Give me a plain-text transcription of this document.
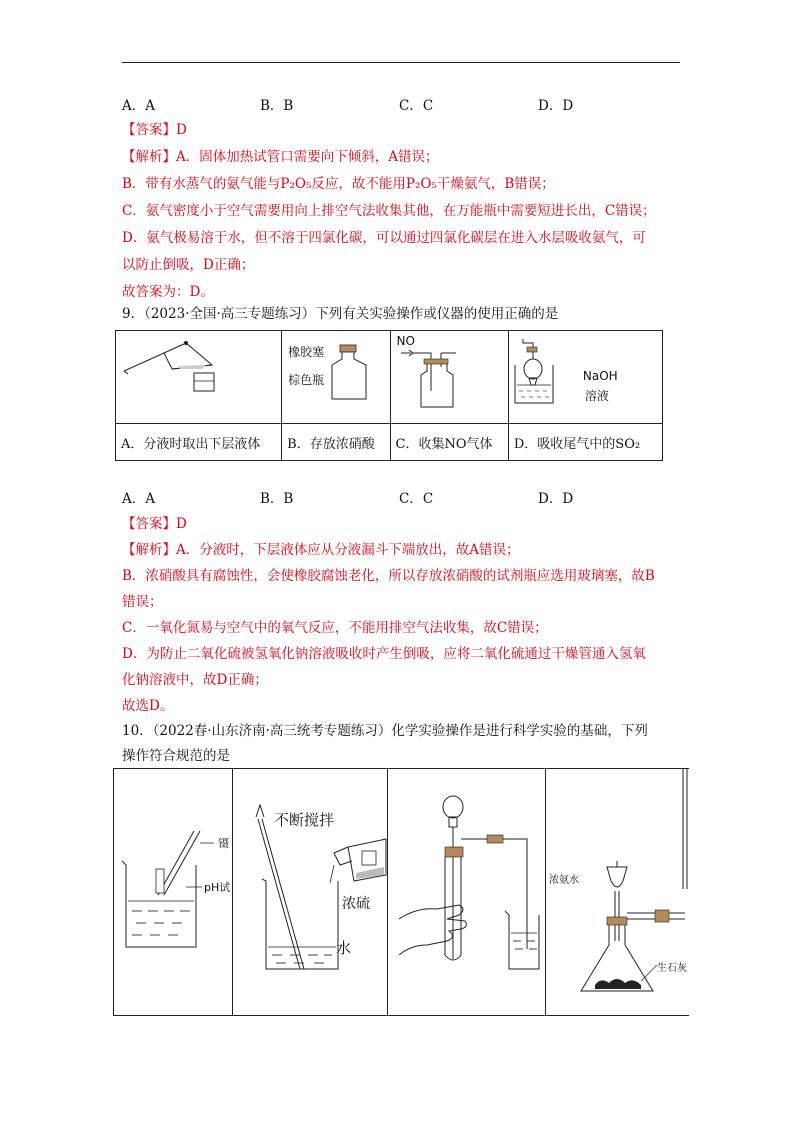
A．A	B．B	C．C	D．D
【答案】D
【解析】A．固体加热试管口需要向下倾斜，A错误；
B．带有水蒸气的氨气能与P₂O₅反应，故不能用P₂O₅干燥氨气，B错误；
C．氨气密度小于空气需要用向上排空气法收集其他，在万能瓶中需要短进长出，C错误；
D．氨气极易溶于水，但不溶于四氯化碳，可以通过四氯化碳层在进入水层吸收氨气，可
以防止倒吸，D正确；
故答案为：D。
9．（2023·全国·高三专题练习）下列有关实验操作或仪器的使用正确的是

橡胶塞
棕色瓶	NO	NaOH
溶液

A．分液时取出下层液体	B．存放浓硝酸	C．收集NO气体	D．吸收尾气中的SO₂
A．A	B．B	C．C	D．D
【答案】D
【解析】A．分液时，下层液体应从分液漏斗下端放出，故A错误；
B．浓硝酸具有腐蚀性，会使橡胶腐蚀老化，所以存放浓硝酸的试剂瓶应选用玻璃塞，故B
错误；
C．一氧化氮易与空气中的氧气反应，不能用排空气法收集，故C错误；
D．为防止二氧化硫被氢氧化钠溶液吸收时产生倒吸，应将二氧化硫通过干燥管通入氢氧
化钠溶液中，故D正确；
故选D。
10．（2022春·山东济南·高三统考专题练习）化学实验操作是进行科学实验的基础，下列
操作符合规范的是
镊
pH试
不断搅拌
浓硫
水
浓氨水
生石灰
